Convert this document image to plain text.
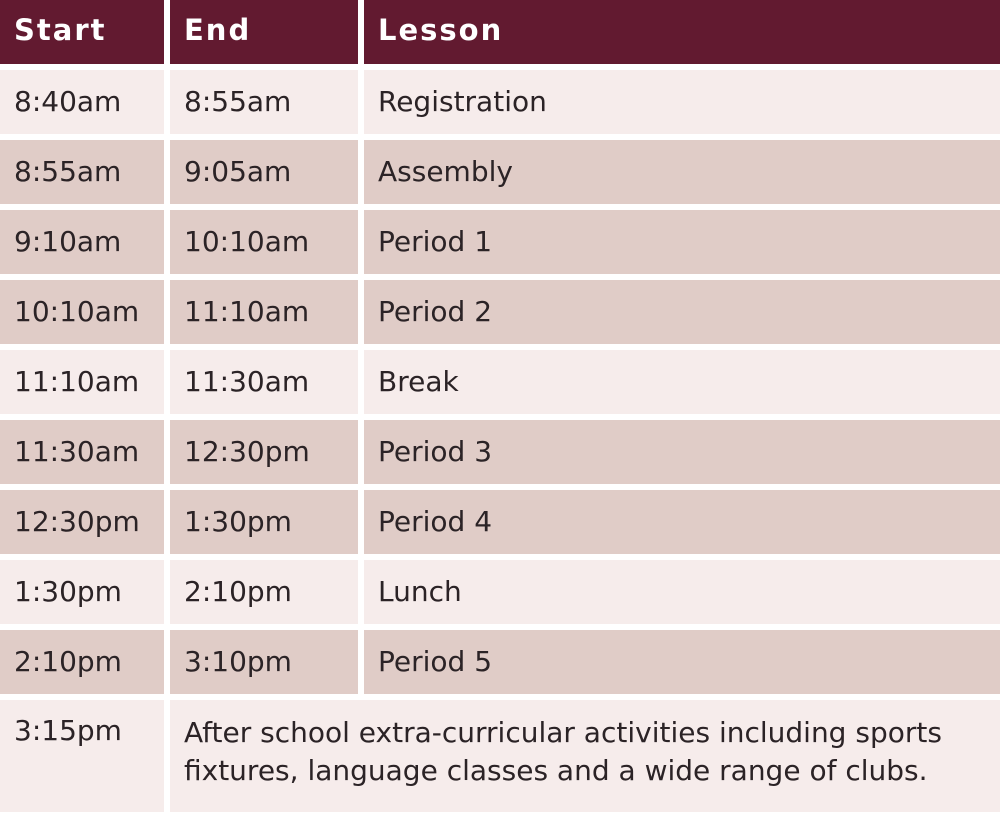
Start	End	Lesson
8:40am	8:55am	Registration
8:55am	9:05am	Assembly
9:10am	10:10am	Period 1
10:10am	11:10am	Period 2
11:10am	11:30am	Break
11:30am	12:30pm	Period 3
12:30pm	1:30pm	Period 4
1:30pm	2:10pm	Lunch
2:10pm	3:10pm	Period 5
3:15pm	After school extra-curricular activities including sports fixtures, language classes and a wide range of clubs.	
